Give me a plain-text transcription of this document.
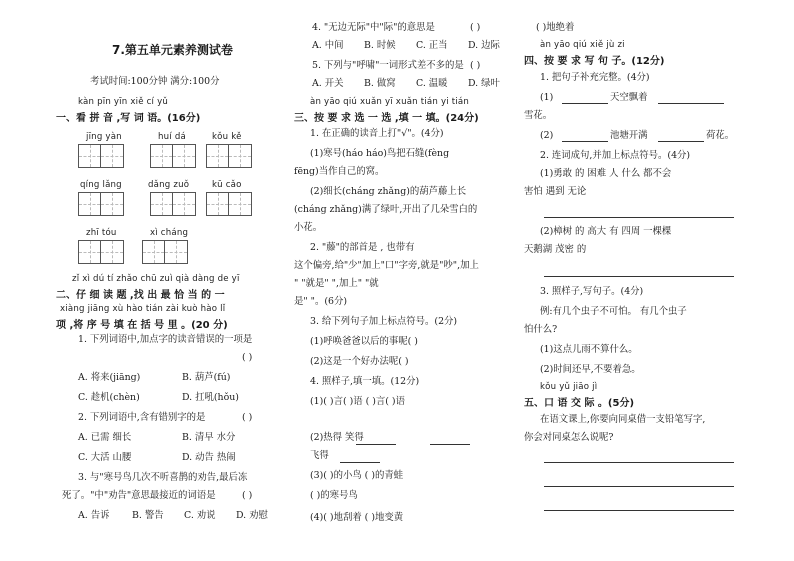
7.第五单元素养测试卷
考试时间:100分钟 满分:100分
kàn pīn yīn xiě cí yǔ
一、看 拼 音 ,写 词 语。(16分)
jīng yàn	huí dá	kǒu kě
qíng lǎng	dǎng zuǒ	kū cǎo
zhī tóu	xì cháng
zǐ xì dú tí zhǎo chū zuì qià dàng de yī
二、仔 细 读 题 ,找 出 最 恰 当 的 一
xiàng jiāng xù hào tián zài kuò hào lǐ
项 ,将 序 号 填 在 括 号 里 。(20 分)
1. 下列词语中,加点字的读音错误的一项是
( )
A. 将来(jiāng)	B. 葫芦(fú)
C. 趁机(chèn)	D. 扛吼(hǒu)
2. 下列词语中,含有错别字的是	( )
A. 已需 细长	B. 清早 水分
C. 大活 山腰	D. 动告 热闹
3. 与"寒号鸟几次不听喜鹊的劝告,最后冻
死了。"中"劝告"意思最接近的词语是	( )
A. 告诉 B. 警告 C. 劝说 D. 劝慰
4. "无边无际"中"际"的意思是	( )
A. 中间 B. 时候 C. 正当 D. 边际
5. 下列与"呼啸"一词形式差不多的是 ( )
A. 开关 B. 做窝 C. 温暖 D. 绿叶
àn yāo qiú xuǎn yī xuǎn tián yi tián
三、按 要 求 选 一 选 ,填 一 填。(24分)
1. 在正确的读音上打"√"。(4分)
(1)寒号(háo háo)鸟把石缝(fèng
fēng)当作自己的窝。
(2)细长(cháng zhǎng)的葫芦藤上长
(cháng zhǎng)满了绿叶,开出了几朵雪白的
小花。
2. "藤"的部首是 , 也带有
这个偏旁,给"少"加上"口"字旁,就是"吵",加上
" "就是" ",加上" "就
是" "。(6分)
3. 给下列句子加上标点符号。(2分)
(1)呼唤爸爸以后的事呢( )
(2)这是一个好办法呢( )
4. 照样子,填一填。(12分)
(1)( )言( )语 ( )言( )语
(2)热得 笑得
飞得
(3)( )的小鸟 ( )的青蛙
( )的寒号鸟
(4)( )地刮着 ( )地变黄
( )地绝着
àn yāo qiú xiě jù zi
四、按 要 求 写 句 子。(12分)
1. 把句子补充完整。(4分)
(1)	天空飘着
雪花。
(2)	池塘开满	荷花。
2. 连词成句,并加上标点符号。(4分)
(1)勇敢 的 困难 人 什么 都不会
害怕 遇到 无论
(2)樟树 的 高大 有 四周 一棵棵
天鹅湖 茂密 的
3. 照样子,写句子。(4分)
例:有几个虫子不可怕。 有几个虫子
怕什么?
(1)这点儿雨不算什么。
(2)时间还早,不要着急。
kǒu yǔ jiāo jì
五、口 语 交 际 。(5分)
在语文课上,你要向同桌借一支铅笔写字,
你会对同桌怎么说呢?
